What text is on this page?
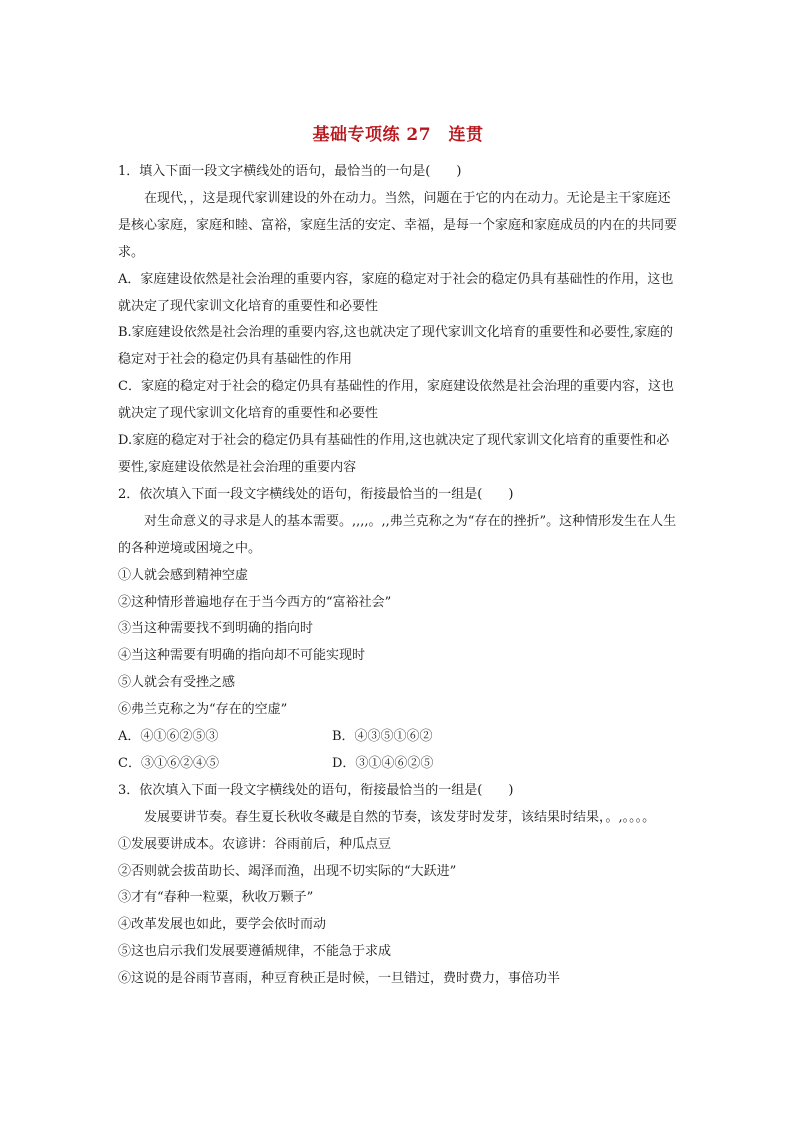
基础专项练 27　连贯

1．填入下面一段文字横线处的语句，最恰当的一句是(　　)

在现代，，这是现代家训建设的外在动力。当然，问题在于它的内在动力。无论是主干家庭还是核心家庭，家庭和睦、富裕，家庭生活的安定、幸福，是每一个家庭和家庭成员的内在的共同要求。

A．家庭建设依然是社会治理的重要内容，家庭的稳定对于社会的稳定仍具有基础性的作用，这也就决定了现代家训文化培育的重要性和必要性

B.家庭建设依然是社会治理的重要内容,这也就决定了现代家训文化培育的重要性和必要性,家庭的稳定对于社会的稳定仍具有基础性的作用

C．家庭的稳定对于社会的稳定仍具有基础性的作用，家庭建设依然是社会治理的重要内容，这也就决定了现代家训文化培育的重要性和必要性

D.家庭的稳定对于社会的稳定仍具有基础性的作用,这也就决定了现代家训文化培育的重要性和必要性,家庭建设依然是社会治理的重要内容

2．依次填入下面一段文字横线处的语句，衔接最恰当的一组是(　　)

对生命意义的寻求是人的基本需要。,,,,。,,弗兰克称之为“存在的挫折”。这种情形发生在人生的各种逆境或困境之中。

①人就会感到精神空虚

②这种情形普遍地存在于当今西方的“富裕社会”

③当这种需要找不到明确的指向时

④当这种需要有明确的指向却不可能实现时

⑤人就会有受挫之感

⑥弗兰克称之为“存在的空虚”

A．④①⑥②⑤③	B．④③⑤①⑥②
C．③①⑥②④⑤	D．③①④⑥②⑤

3．依次填入下面一段文字横线处的语句，衔接最恰当的一组是(　　)

发展要讲节奏。春生夏长秋收冬藏是自然的节奏，该发芽时发芽，该结果时结果，。,。。。。

①发展要讲成本。农谚讲：谷雨前后，种瓜点豆

②否则就会拔苗助长、竭泽而渔，出现不切实际的“大跃进”

③才有“春种一粒粟，秋收万颗子”

④改革发展也如此，要学会依时而动

⑤这也启示我们发展要遵循规律，不能急于求成

⑥这说的是谷雨节喜雨，种豆育秧正是时候，一旦错过，费时费力，事倍功半
